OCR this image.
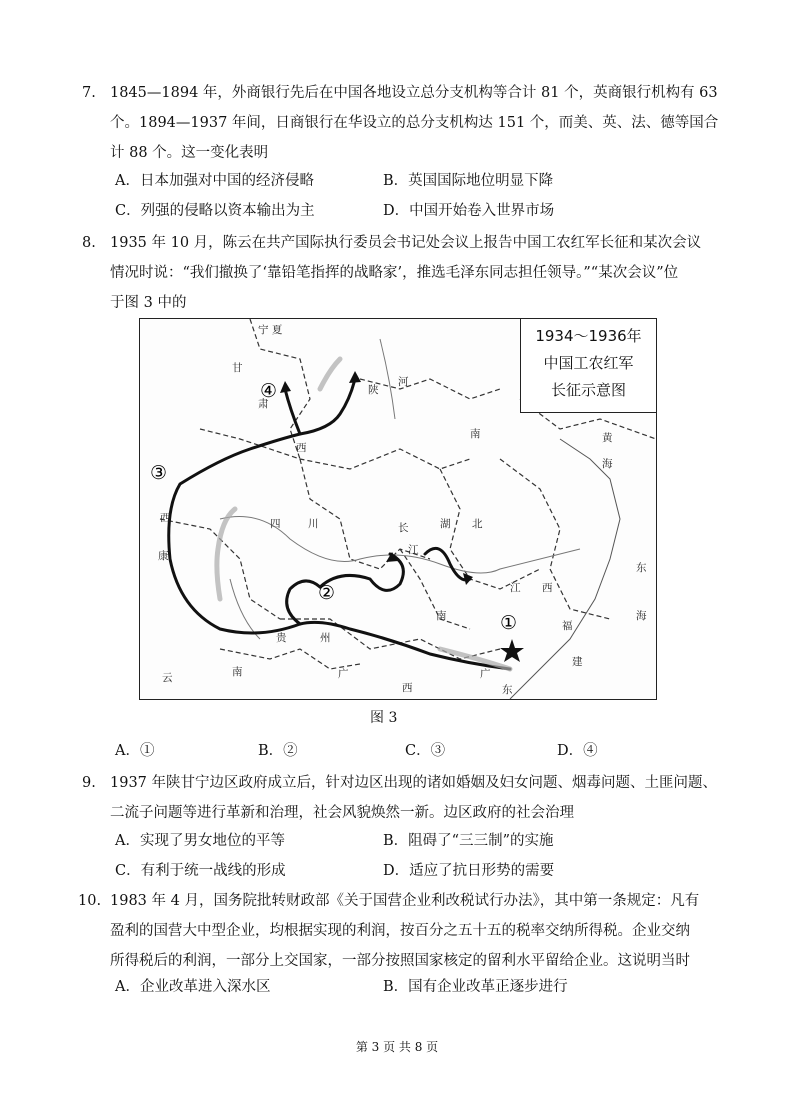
7. 1845—1894 年，外商银行先后在中国各地设立总分支机构等合计 81 个，英商银行机构有 63
个。1894—1937 年间，日商银行在华设立的总分支机构达 151 个，而美、英、法、德等国合
计 88 个。这一变化表明
A．日本加强对中国的经济侵略	B．英国国际地位明显下降
C．列强的侵略以资本输出为主	D．中国开始卷入世界市场
8. 1935 年 10 月，陈云在共产国际执行委员会书记处会议上报告中国工农红军长征和某次会议
情况时说：“我们撤换了‘靠铅笔指挥的战略家’，推选毛泽东同志担任领导。”“某次会议”位
于图 3 中的
宁 夏
甘
肃
陕
西
河
南	黄
海
四	川	湖 北
江 西
东
海
西
康
贵	州
南
福
建
云	南	广
西
广
东
长
江
①
②
③
④
1934～1936年
中国工农红军
长征示意图
图 3
A．①	B．②	C．③	D．④
9. 1937 年陕甘宁边区政府成立后，针对边区出现的诸如婚姻及妇女问题、烟毒问题、土匪问题、
二流子问题等进行革新和治理，社会风貌焕然一新。边区政府的社会治理
A．实现了男女地位的平等	B．阻碍了“三三制”的实施
C．有利于统一战线的形成	D．适应了抗日形势的需要
10. 1983 年 4 月，国务院批转财政部《关于国营企业利改税试行办法》，其中第一条规定：凡有
盈利的国营大中型企业，均根据实现的利润，按百分之五十五的税率交纳所得税。企业交纳
所得税后的利润，一部分上交国家，一部分按照国家核定的留利水平留给企业。这说明当时
A．企业改革进入深水区	B．国有企业改革正逐步进行
第 3 页 共 8 页
